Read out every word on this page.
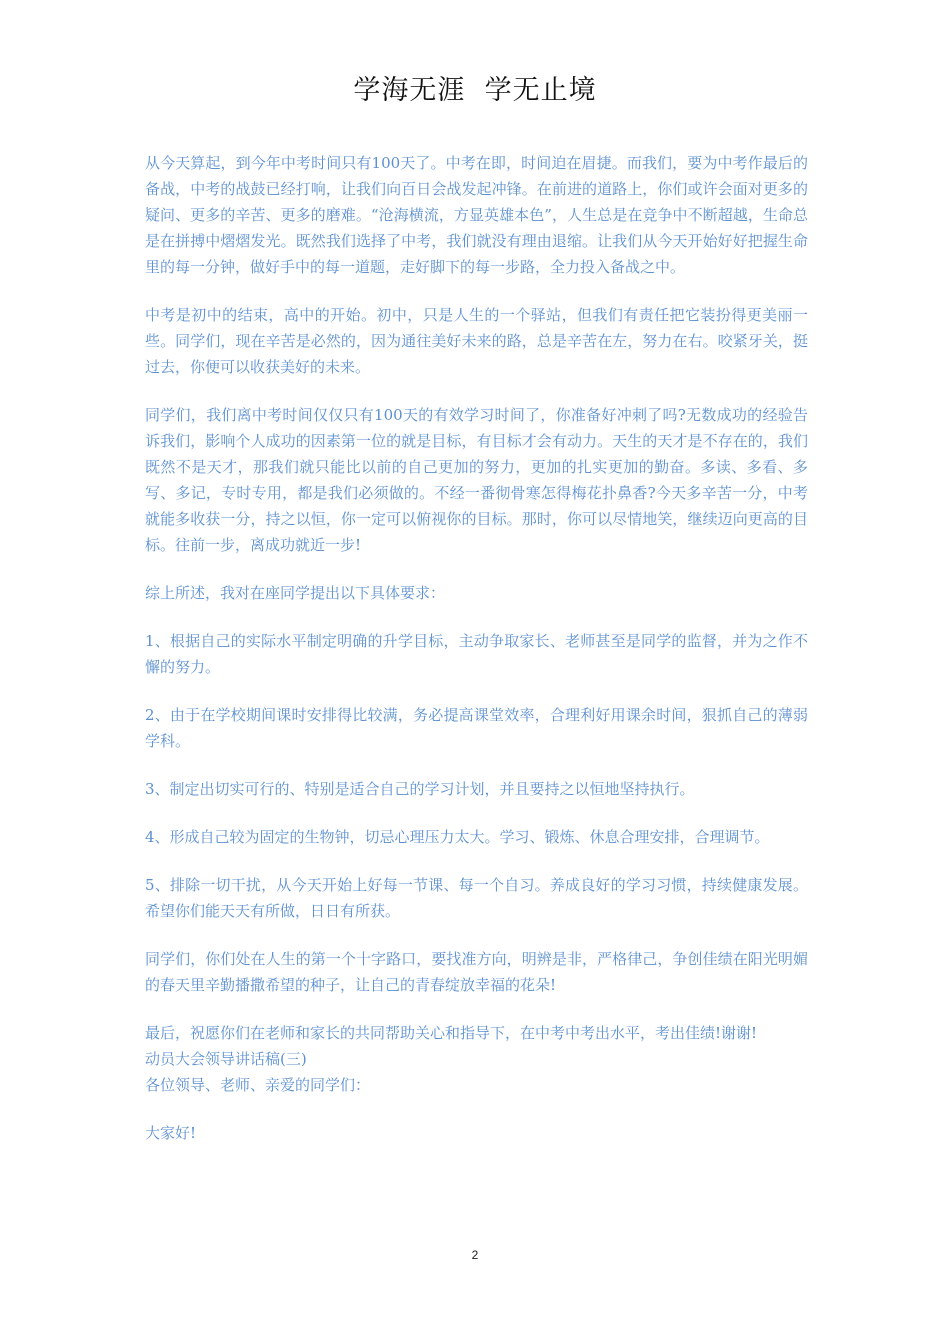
学海无涯  学无止境

从今天算起，到今年中考时间只有100天了。中考在即，时间迫在眉捷。而我们，要为中考作最后的备战，中考的战鼓已经打响，让我们向百日会战发起冲锋。在前进的道路上，你们或许会面对更多的疑问、更多的辛苦、更多的磨难。“沧海横流，方显英雄本色”，人生总是在竞争中不断超越，生命总是在拼搏中熠熠发光。既然我们选择了中考，我们就没有理由退缩。让我们从今天开始好好把握生命里的每一分钟，做好手中的每一道题，走好脚下的每一步路，全力投入备战之中。

中考是初中的结束，高中的开始。初中，只是人生的一个驿站，但我们有责任把它装扮得更美丽一些。同学们，现在辛苦是必然的，因为通往美好未来的路，总是辛苦在左，努力在右。咬紧牙关，挺过去，你便可以收获美好的未来。

同学们，我们离中考时间仅仅只有100天的有效学习时间了，你准备好冲刺了吗?无数成功的经验告诉我们，影响个人成功的因素第一位的就是目标，有目标才会有动力。天生的天才是不存在的，我们既然不是天才，那我们就只能比以前的自己更加的努力，更加的扎实更加的勤奋。多读、多看、多写、多记，专时专用，都是我们必须做的。不经一番彻骨寒怎得梅花扑鼻香?今天多辛苦一分，中考就能多收获一分，持之以恒，你一定可以俯视你的目标。那时，你可以尽情地笑，继续迈向更高的目标。往前一步，离成功就近一步!

综上所述，我对在座同学提出以下具体要求：

1、根据自己的实际水平制定明确的升学目标，主动争取家长、老师甚至是同学的监督，并为之作不懈的努力。

2、由于在学校期间课时安排得比较满，务必提高课堂效率，合理利好用课余时间，狠抓自己的薄弱学科。

3、制定出切实可行的、特别是适合自己的学习计划，并且要持之以恒地坚持执行。

4、形成自己较为固定的生物钟，切忌心理压力太大。学习、锻炼、休息合理安排，合理调节。

5、排除一切干扰，从今天开始上好每一节课、每一个自习。养成良好的学习习惯，持续健康发展。希望你们能天天有所做，日日有所获。

同学们，你们处在人生的第一个十字路口，要找准方向，明辨是非，严格律己，争创佳绩在阳光明媚的春天里辛勤播撒希望的种子，让自己的青春绽放幸福的花朵!

最后，祝愿你们在老师和家长的共同帮助关心和指导下，在中考中考出水平，考出佳绩!谢谢!

动员大会领导讲话稿(三)

各位领导、老师、亲爱的同学们：

大家好!

2
